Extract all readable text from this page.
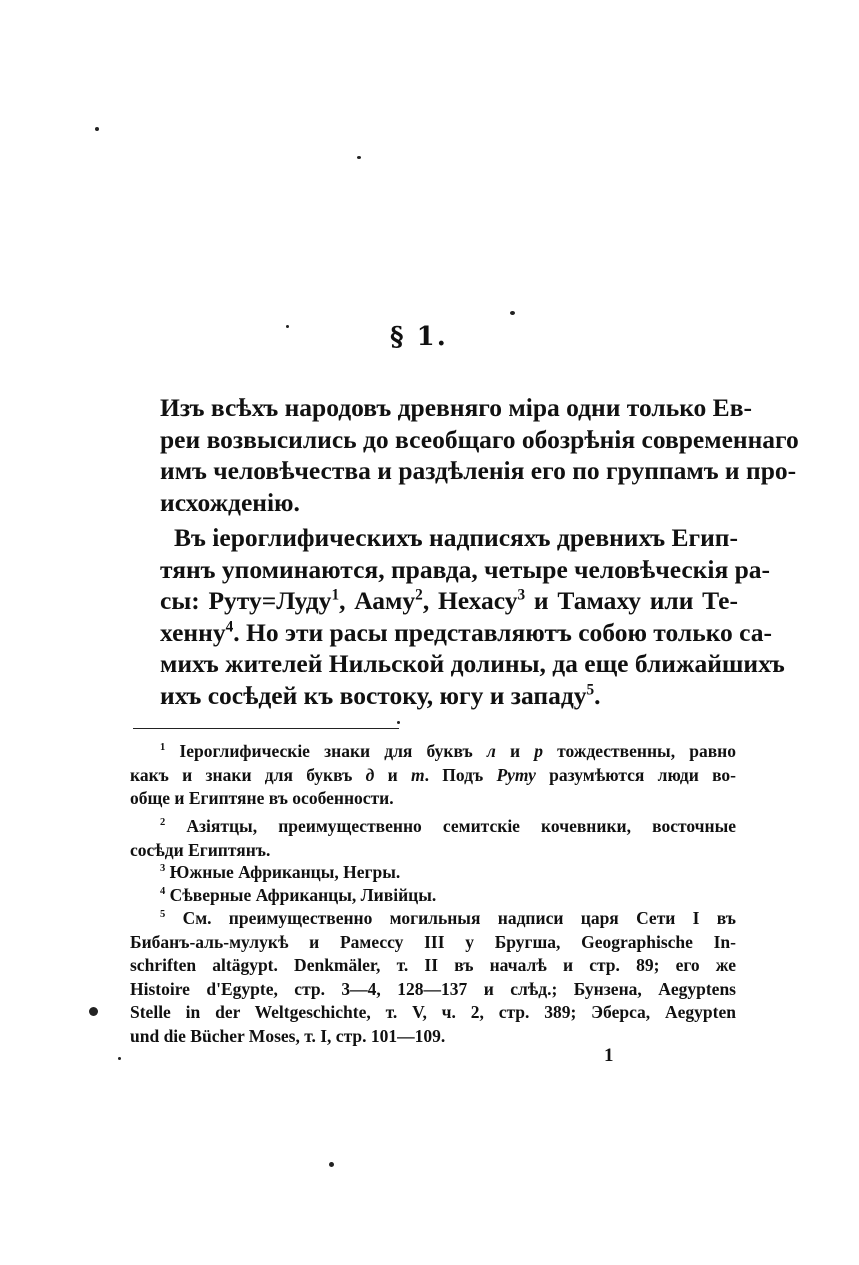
§ 1.
Изъ всѣхъ народовъ древняго міра одни только Ев-
реи возвысились до всеобщаго обозрѣнія современнаго
имъ человѣчества и раздѣленія его по группамъ и про-
исхожденію.
Въ іероглифическихъ надписяхъ древнихъ Егип-
тянъ упоминаются, правда, четыре человѣческія ра-
сы: Руту=Луду$^1$, Ааму$^2$, Нехасу$^3$ и Тамаху или Те-
хенну$^4$. Но эти расы представляютъ собою только са-
михъ жителей Нильской долины, да еще ближайшихъ
ихъ сосѣдей къ востоку, югу и западу$^5$.
$^1$ Іероглифическіе знаки для буквъ л и р тождественны, равно
какъ и знаки для буквъ д и т. Подъ Руту разумѣются люди во-
обще и Египтяне въ особенности.
$^2$ Азіятцы, преимущественно семитскіе кочевники, восточные
сосѣди Египтянъ.
$^3$ Южные Африканцы, Негры.
$^4$ Сѣверные Африканцы, Ливійцы.
$^5$ См. преимущественно могильныя надписи царя Сети I въ
Бибанъ-аль-мулукѣ и Рамессу III у Бругша, Geographische In-
schriften altägypt. Denkmäler, т. II въ началѣ и стр. 89; его же
Histoire d'Egypte, стр. 3—4, 128—137 и слѣд.; Бунзена, Aegyptens
Stelle in der Weltgeschichte, т. V, ч. 2, стр. 389; Эберса, Aegypten
und die Bücher Moses, т. I, стр. 101—109.
1
